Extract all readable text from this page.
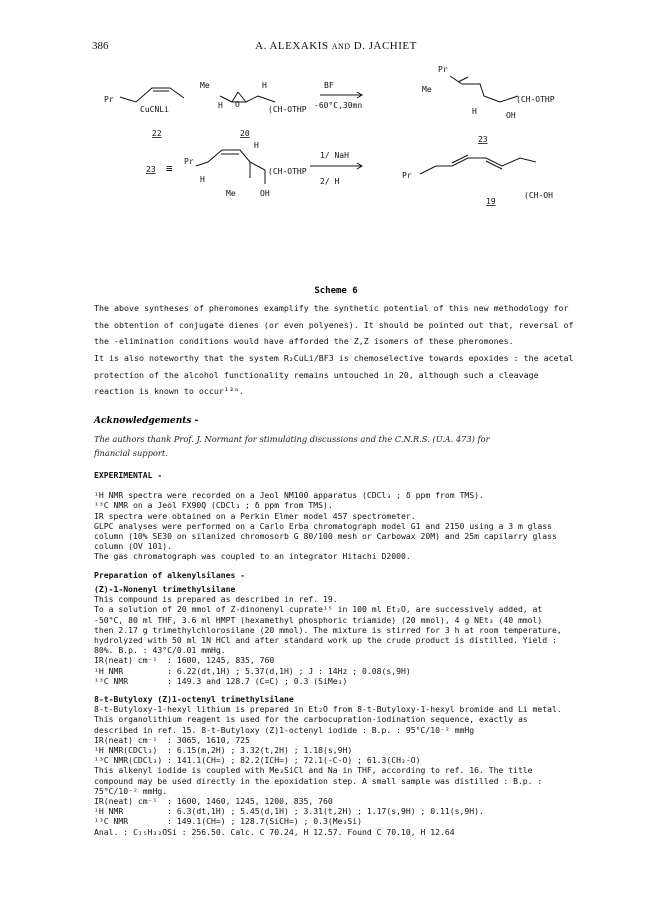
386	A. ALEXAKIS and D. JACHIET
Pr
CuCNLi
22
Me
H O
H
(CH-OTHP
20
BF
-60°C,30mn
Pr
Me
H	OH
(CH-OTHP
23
23 ≡
Pr
H
H
(CH-OTHP
Me	OH
1/ NaH
2/ H
Pr
19
(CH-OH
Scheme 6

The above syntheses of pheromones examplify the synthetic potential of this new methodology for

the obtention of conjugate dienes (or even polyenes). It should be pointed out that, reversal of

the -elimination conditions would have afforded the Z,Z isomers of these pheromones.

It is also noteworthy that the system R₂CuLi/BF3 is chemoselective towards epoxides : the acetal

protection of the alcohol functionality remains untouched in 20, although such a cleavage

reaction is known to occur¹³ᵃ.

Acknowledgements -
The authors thank Prof. J. Normant for stimulating discussions and the C.N.R.S. (U.A. 473) for
financial support.
EXPERIMENTAL -
¹H NMR spectra were recorded on a Jeol NM100 apparatus (CDCl₃ ; δ ppm from TMS).
¹³C NMR on a Jeol FX90Q (CDCl₃ ; δ ppm from TMS).
IR spectra were obtained on a Perkin Elmer model 457 spectrometer.
GLPC analyses were performed on a Carlo Erba chromatograph model G1 and 2150 using a 3 m glass
column (10% SE30 on silanized chromosorb G 80/100 mesh or Carbowax 20M) and 25m capilarry glass
column (OV 101).
The gas chromatograph was coupled to an integrator Hitachi D2000.
Preparation of alkenylsilanes -
(Z)-1-Nonenyl trimethylsilane
This compound is prepared as described in ref. 19.
To a solution of 20 mmol of Z-dinonenyl cuprate¹⁵ in 100 ml Et₂O, are successively added, at
-50°C, 80 ml THF, 3.6 ml HMPT (hexamethyl phosphoric triamide) (20 mmol), 4 g NEt₃ (40 mmol)
then 2.17 g trimethylchlorosilane (20 mmol). The mixture is stirred for 3 h at room temperature,
hydrolyzed with 50 ml 1N HCl and after standard work up the crude product is distilled. Yield :
80%. B.p. : 43°C/0.01 mmHg.
IR(neat) cm⁻¹  : 1600, 1245, 835, 760
¹H NMR         : 6.22(dt,1H) ; 5.37(d,1H) ; J : 14Hz ; 0.08(s,9H)
¹³C NMR        : 149.3 and 128.7 (C=C) ; 0.3 (SiMe₃)
8-t-Butyloxy (Z)1-octenyl trimethylsilane
8-t-Butyloxy-1-hexyl lithium is prepared in Et₂O from 8-t-Butyloxy-1-hexyl bromide and Li metal.
This organolithium reagent is used for the carbocupration-iodination sequence, exactly as
described in ref. 15. 8-t-Butyloxy (Z)1-octenyl iodide : B.p. : 95°C/10⁻² mmHg
IR(neat) cm⁻¹  : 3065, 1610, 725
¹H NMR(CDCl₃)  : 6.15(m,2H) ; 3.32(t,2H) ; 1.18(s,9H)
¹³C NMR(CDCl₃) : 141.1(CH=) ; 82.2(ICH=) ; 72.1(-C-O) ; 61.3(CH₂-O)
This alkenyl iodide is coupled with Me₃SiCl and Na in THF, according to ref. 16. The title
compound may be used directly in the epoxidation step. A small sample was distilled : B.p. :
75°C/10⁻² mmHg.
IR(neat) cm⁻¹  : 1600, 1460, 1245, 1200, 835, 760
¹H NMR         : 6.3(dt,1H) ; 5.45(d,1H) ; 3.31(t,2H) ; 1.17(s,9H) ; 0.11(s,9H).
¹³C NMR        : 149.1(CH=) ; 128.7(SiCH=) ; 0.3(Me₃Si)
Anal. : C₁₅H₃₂OSi : 256.50. Calc. C 70.24, H 12.57. Found C 70.10, H 12.64
